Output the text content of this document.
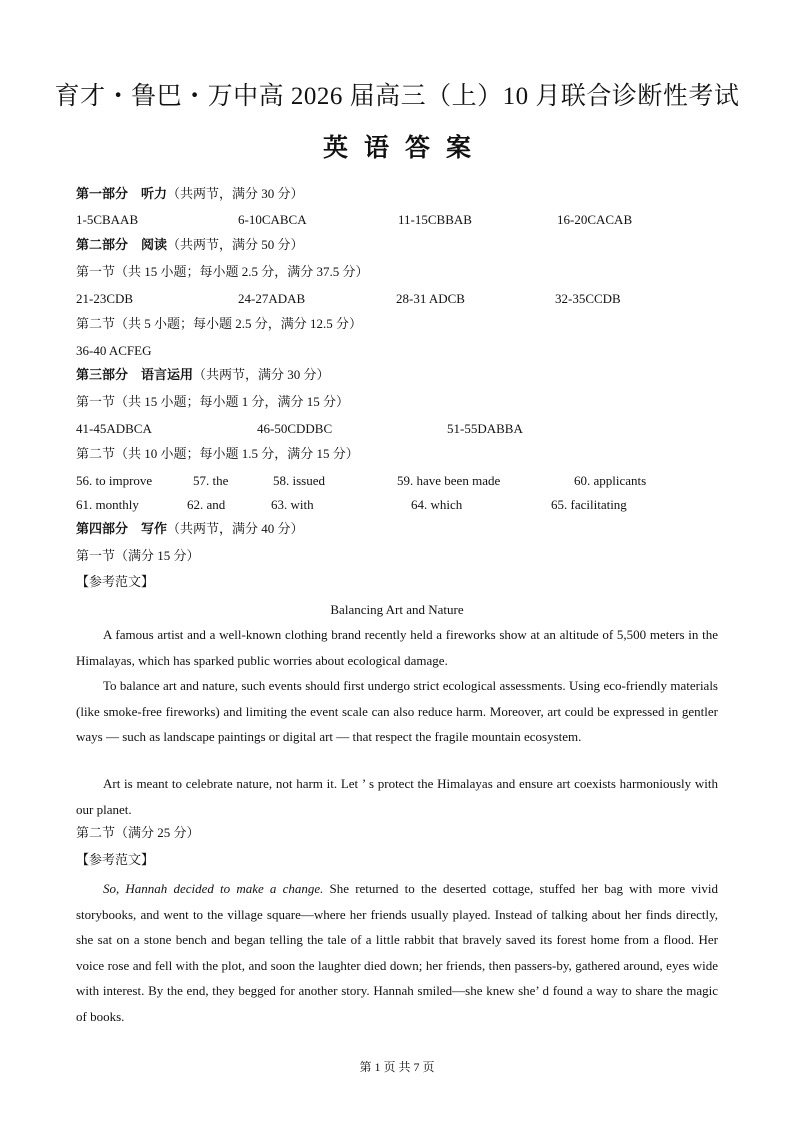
育才・鲁巴・万中高 2026 届高三（上）10 月联合诊断性考试
英语答案
第一部分　听力（共两节，满分 30 分）
1-5CBAAB	6-10CABCA	11-15CBBAB	16-20CACAB
第二部分　阅读（共两节，满分 50 分）
第一节（共 15 小题；每小题 2.5 分，满分 37.5 分）
21-23CDB	24-27ADAB	28-31 ADCB	32-35CCDB
第二节（共 5 小题；每小题 2.5 分，满分 12.5 分）
36-40 ACFEG
第三部分　语言运用（共两节，满分 30 分）
第一节（共 15 小题；每小题 1 分，满分 15 分）
41-45ADBCA	46-50CDDBC	51-55DABBA
第二节（共 10 小题；每小题 1.5 分，满分 15 分）
56. to improve	57. the	58. issued	59. have been made	60. applicants
61. monthly	62. and	63. with	64. which	65. facilitating
第四部分　写作（共两节，满分 40 分）
第一节（满分 15 分）
【参考范文】
Balancing Art and Nature
A famous artist and a well-known clothing brand recently held a fireworks show at an altitude of 5,500 meters in the Himalayas, which has sparked public worries about ecological damage.
To balance art and nature, such events should first undergo strict ecological assessments. Using eco-friendly materials (like smoke-free fireworks) and limiting the event scale can also reduce harm. Moreover, art could be expressed in gentler ways — such as landscape paintings or digital art — that respect the fragile mountain ecosystem.
Art is meant to celebrate nature, not harm it. Let ’ s protect the Himalayas and ensure art coexists harmoniously with our planet.
第二节（满分 25 分）
【参考范文】
So, Hannah decided to make a change. She returned to the deserted cottage, stuffed her bag with more vivid storybooks, and went to the village square—where her friends usually played. Instead of talking about her finds directly, she sat on a stone bench and began telling the tale of a little rabbit that bravely saved its forest home from a flood. Her voice rose and fell with the plot, and soon the laughter died down; her friends, then passers-by, gathered around, eyes wide with interest. By the end, they begged for another story. Hannah smiled—she knew she’ d found a way to share the magic of books.
第 1 页 共 7 页
